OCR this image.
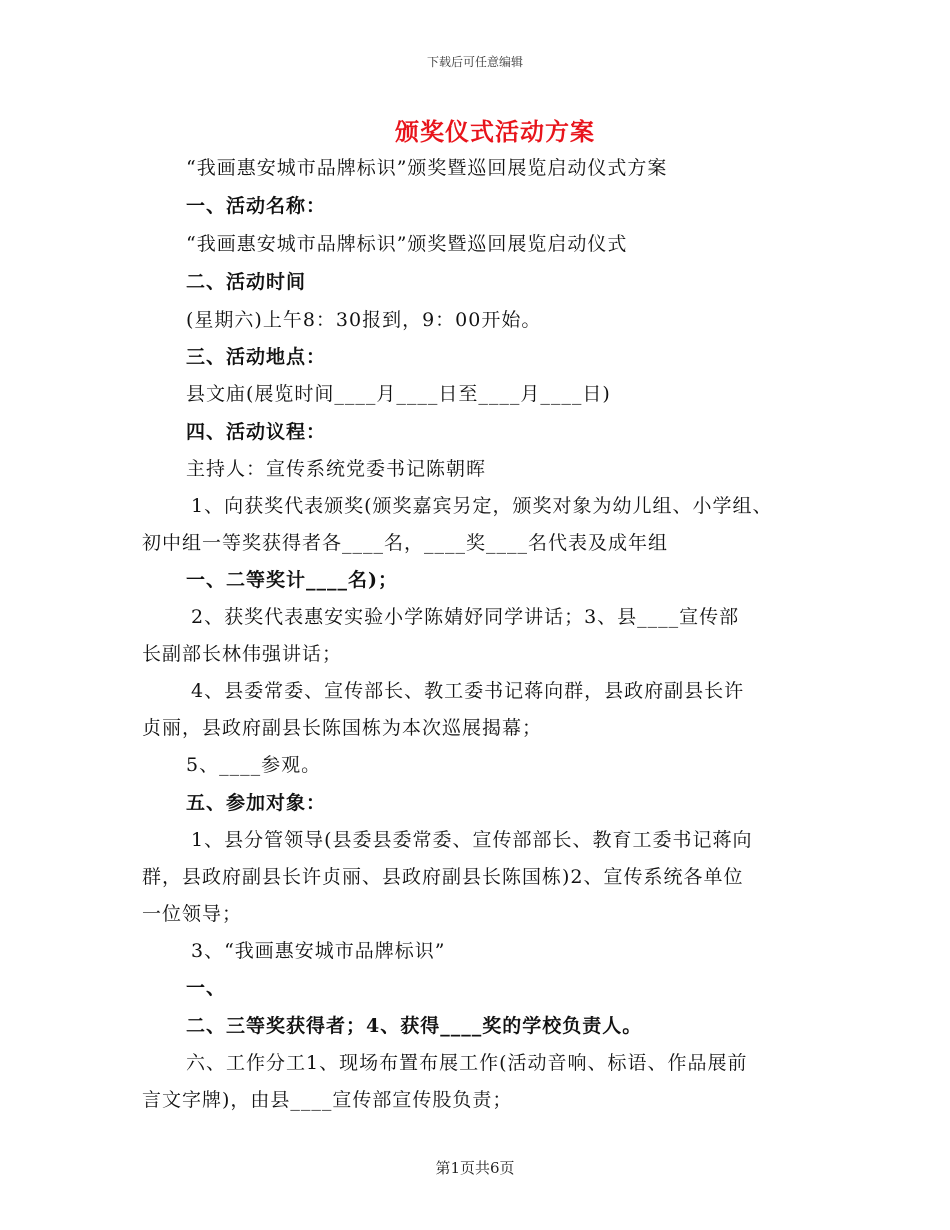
下载后可任意编辑
颁奖仪式活动方案
“我画惠安城市品牌标识”颁奖暨巡回展览启动仪式方案
一、活动名称：
“我画惠安城市品牌标识”颁奖暨巡回展览启动仪式
二、活动时间
(星期六)上午8：30报到，9：00开始。
三、活动地点：
县文庙(展览时间____月____日至____月____日)
四、活动议程：
主持人：宣传系统党委书记陈朝晖
1、向获奖代表颁奖(颁奖嘉宾另定，颁奖对象为幼儿组、小学组、
初中组一等奖获得者各____名，____奖____名代表及成年组
一、二等奖计____名)；
2、获奖代表惠安实验小学陈婧妤同学讲话；3、县____宣传部
长副部长林伟强讲话；
4、县委常委、宣传部长、教工委书记蒋向群，县政府副县长许
贞丽，县政府副县长陈国栋为本次巡展揭幕；
5、____参观。
五、参加对象：
1、县分管领导(县委县委常委、宣传部部长、教育工委书记蒋向
群，县政府副县长许贞丽、县政府副县长陈国栋)2、宣传系统各单位
一位领导；
3、“我画惠安城市品牌标识”
一、
二、三等奖获得者；4、获得____奖的学校负责人。
六、工作分工1、现场布置布展工作(活动音响、标语、作品展前
言文字牌)，由县____宣传部宣传股负责；
第1页共6页
